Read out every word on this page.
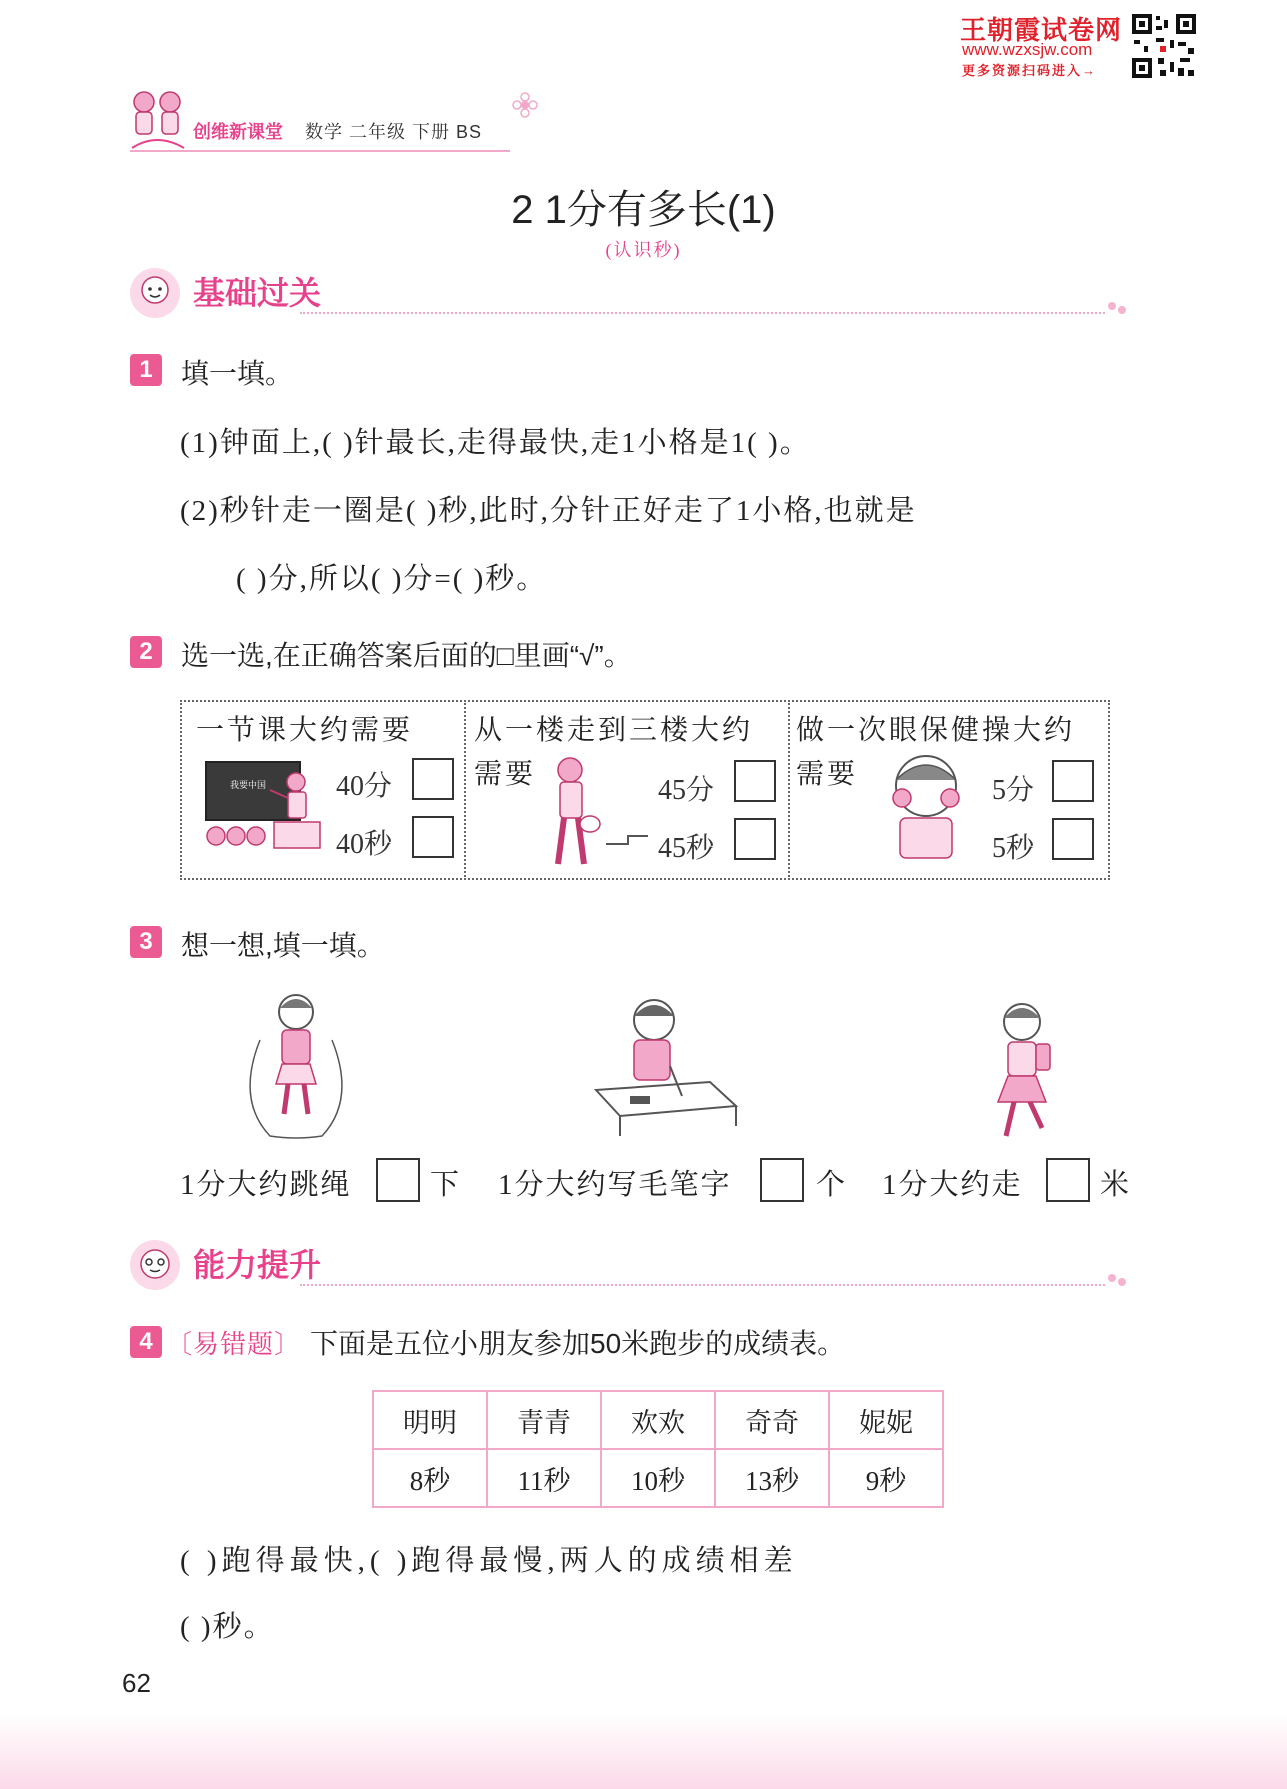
王朝霞试卷网
www.wzxsjw.com
更多资源扫码进入→
创维新课堂 数学 二年级 下册 BS
2 1分有多长(1)
(认识秒)
基础过关
1	填一填。
(1)钟面上,( )针最长,走得最快,走1小格是1( )。
(2)秒针走一圈是( )秒,此时,分针正好走了1小格,也就是
( )分,所以( )分=( )秒。
2	选一选,在正确答案后面的□里画“√”。
一节课大约需要
我要中国 40分
40秒
从一楼走到三楼大约
需要
45分
45秒
做一次眼保健操大约
需要
5分
5秒
3	想一想,填一填。
1分大约跳绳	下 1分大约写毛笔字	个 1分大约走	米
能力提升
4 〔易错题〕 下面是五位小朋友参加50米跑步的成绩表。
明明	青青	欢欢	奇奇	妮妮
8秒	11秒	10秒	13秒	9秒
( )跑得最快,( )跑得最慢,两人的成绩相差
( )秒。
62
